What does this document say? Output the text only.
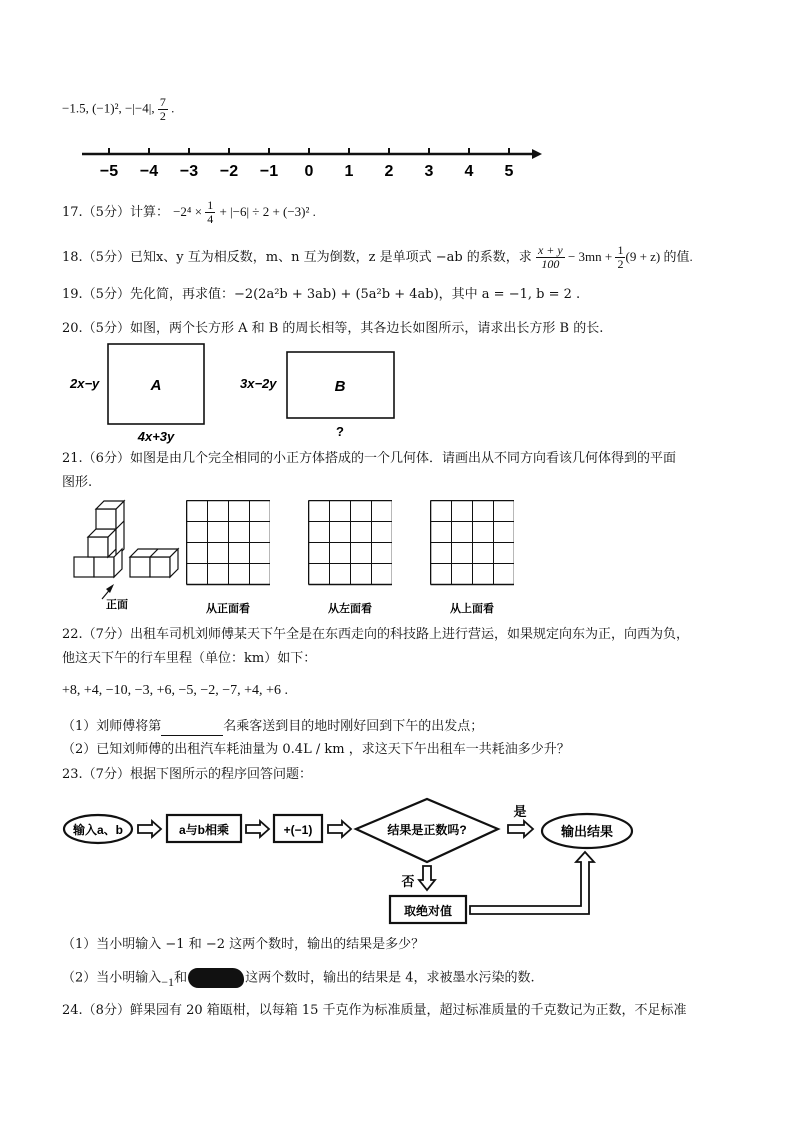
−1.5, (−1)², −|−4|, $\frac{7}{2}$ .
−5 −4 −3 −2 −1 0 1 2 3 4 5
17.（5分）计算： $-2^4 \times \frac{1}{4} + |-6| \div 2 + (-3)^2$ .
18.（5分）已知x、y 互为相反数，m、n 互为倒数，z 是单项式 −ab 的系数，求 $\frac{x + y}{100} - 3mn + \frac{1}{2} (9 + z)$ 的值.
19.（5分）先化简，再求值：−2(2a²b + 3ab) + (5a²b + 4ab)，其中 a = −1, b = 2 .
20.（5分）如图，两个长方形 A 和 B 的周长相等，其各边长如图所示，请求出长方形 B 的长.
A
2x−y
4x+3y
B
3x−2y
?
21.（6分）如图是由几个完全相同的小正方体搭成的一个几何体．请画出从不同方向看该几何体得到的平面
图形.
正面	从正面看	从左面看	从上面看
22.（7分）出租车司机刘师傅某天下午全是在东西走向的科技路上进行营运，如果规定向东为正，向西为负，
他这天下午的行车里程（单位：km）如下：
+8, +4, −10, −3, +6, −5, −2, −7, +4, +6 .
（1）刘师傅将第	名乘客送到目的地时刚好回到下午的出发点；
（2）已知刘师傅的出租汽车耗油量为 0.4L / km ，求这天下午出租车一共耗油多少升？
23.（7分）根据下图所示的程序回答问题：
输入a、b	a与b相乘	+(−1)	结果是正数吗?
是
输出结果
否
取绝对值
（1）当小明输入 −1 和 −2 这两个数时，输出的结果是多少？
（2）当小明输入−1和	这两个数时，输出的结果是 4，求被墨水污染的数.
24.（8分）鲜果园有 20 箱瓯柑，以每箱 15 千克作为标准质量，超过标准质量的千克数记为正数，不足标准
